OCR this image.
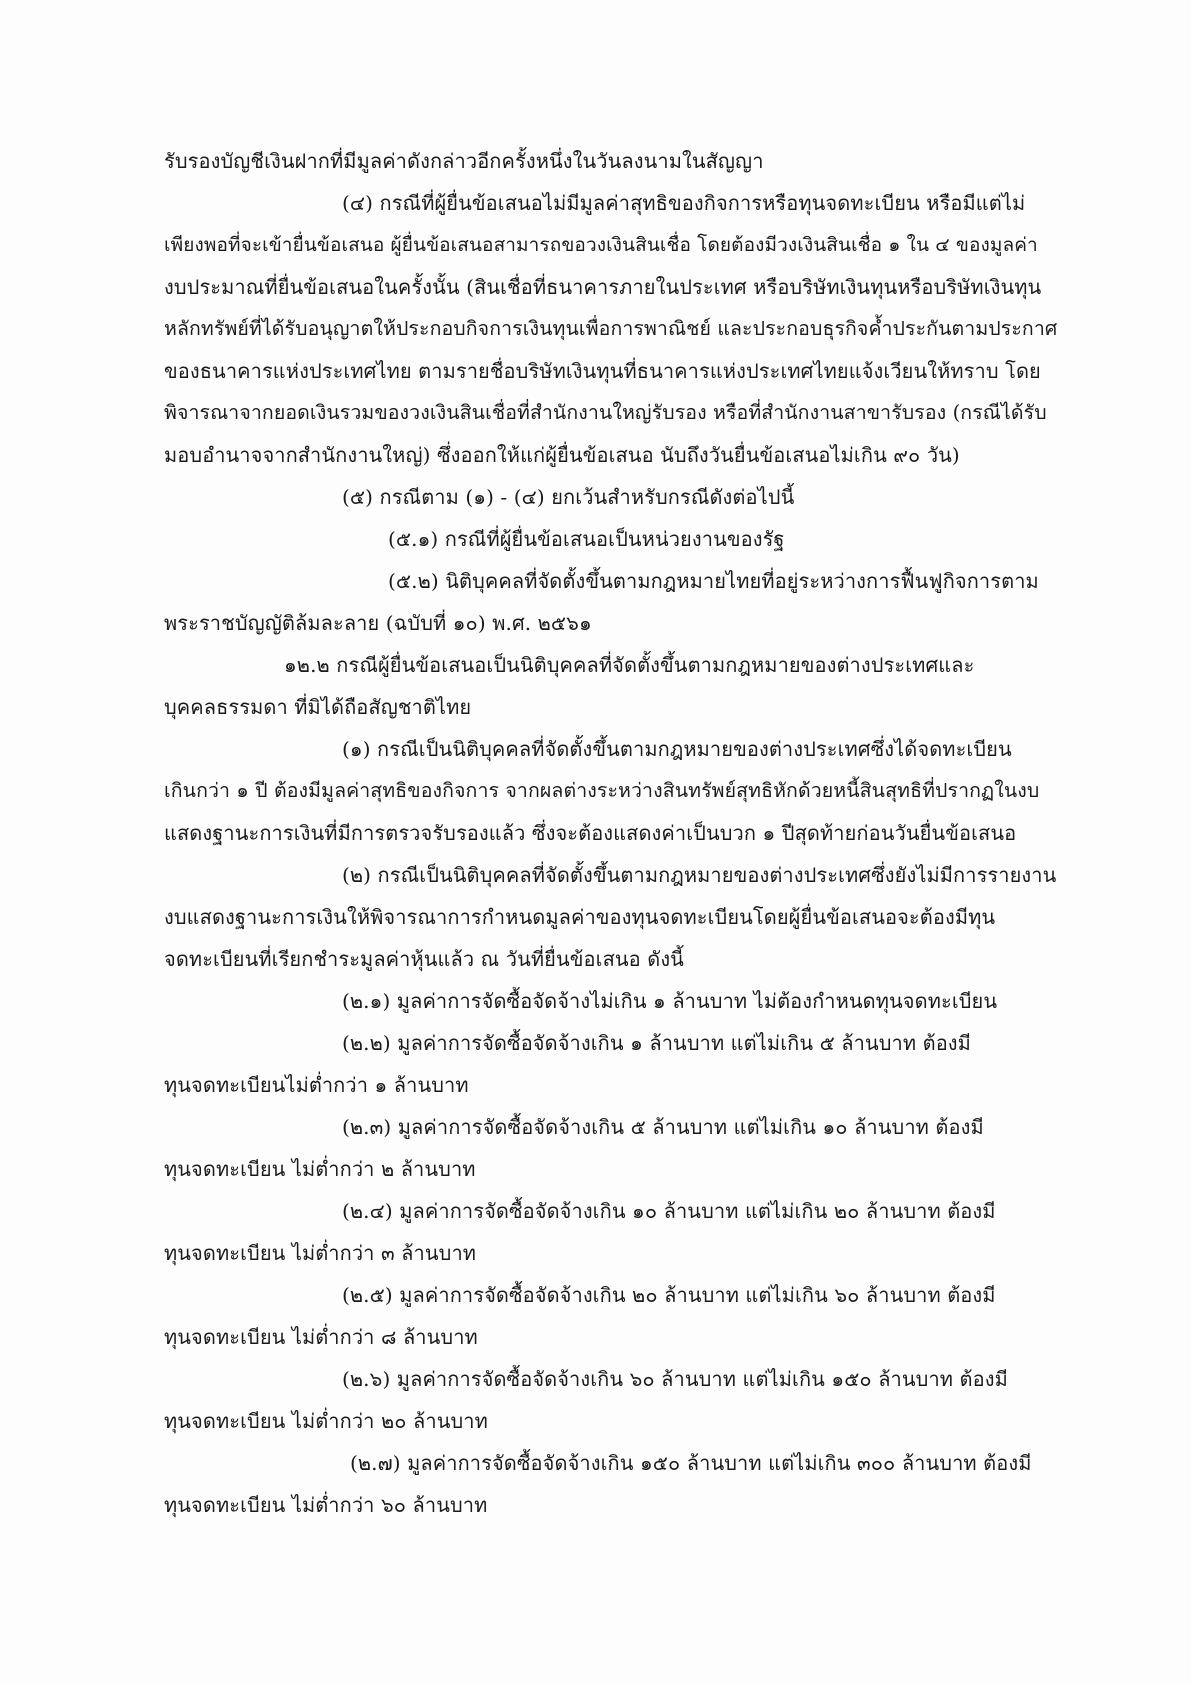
รับรองบัญชีเงินฝากที่มีมูลค่าดังกล่าวอีกครั้งหนึ่งในวันลงนามในสัญญา
(๔) กรณีที่ผู้ยื่นข้อเสนอไม่มีมูลค่าสุทธิของกิจการหรือทุนจดทะเบียน หรือมีแต่ไม่
เพียงพอที่จะเข้ายื่นข้อเสนอ ผู้ยื่นข้อเสนอสามารถขอวงเงินสินเชื่อ โดยต้องมีวงเงินสินเชื่อ ๑ ใน ๔ ของมูลค่า
งบประมาณที่ยื่นข้อเสนอในครั้งนั้น (สินเชื่อที่ธนาคารภายในประเทศ หรือบริษัทเงินทุนหรือบริษัทเงินทุน
หลักทรัพย์ที่ได้รับอนุญาตให้ประกอบกิจการเงินทุนเพื่อการพาณิชย์ และประกอบธุรกิจค้ำประกันตามประกาศ
ของธนาคารแห่งประเทศไทย ตามรายชื่อบริษัทเงินทุนที่ธนาคารแห่งประเทศไทยแจ้งเวียนให้ทราบ โดย
พิจารณาจากยอดเงินรวมของวงเงินสินเชื่อที่สำนักงานใหญ่รับรอง หรือที่สำนักงานสาขารับรอง (กรณีได้รับ
มอบอำนาจจากสำนักงานใหญ่) ซึ่งออกให้แก่ผู้ยื่นข้อเสนอ นับถึงวันยื่นข้อเสนอไม่เกิน ๙๐ วัน)
(๕) กรณีตาม (๑) - (๔) ยกเว้นสำหรับกรณีดังต่อไปนี้
(๕.๑) กรณีที่ผู้ยื่นข้อเสนอเป็นหน่วยงานของรัฐ
(๕.๒) นิติบุคคลที่จัดตั้งขึ้นตามกฎหมายไทยที่อยู่ระหว่างการฟื้นฟูกิจการตาม
พระราชบัญญัติล้มละลาย (ฉบับที่ ๑๐) พ.ศ. ๒๕๖๑
๑๒.๒ กรณีผู้ยื่นข้อเสนอเป็นนิติบุคคลที่จัดตั้งขึ้นตามกฎหมายของต่างประเทศและ
บุคคลธรรมดา ที่มิได้ถือสัญชาติไทย
(๑) กรณีเป็นนิติบุคคลที่จัดตั้งขึ้นตามกฎหมายของต่างประเทศซึ่งได้จดทะเบียน
เกินกว่า ๑ ปี ต้องมีมูลค่าสุทธิของกิจการ จากผลต่างระหว่างสินทรัพย์สุทธิหักด้วยหนี้สินสุทธิที่ปรากฏในงบ
แสดงฐานะการเงินที่มีการตรวจรับรองแล้ว ซึ่งจะต้องแสดงค่าเป็นบวก ๑ ปีสุดท้ายก่อนวันยื่นข้อเสนอ
(๒) กรณีเป็นนิติบุคคลที่จัดตั้งขึ้นตามกฎหมายของต่างประเทศซึ่งยังไม่มีการรายงาน
งบแสดงฐานะการเงินให้พิจารณาการกำหนดมูลค่าของทุนจดทะเบียนโดยผู้ยื่นข้อเสนอจะต้องมีทุน
จดทะเบียนที่เรียกชำระมูลค่าหุ้นแล้ว ณ วันที่ยื่นข้อเสนอ ดังนี้
(๒.๑) มูลค่าการจัดซื้อจัดจ้างไม่เกิน ๑ ล้านบาท ไม่ต้องกำหนดทุนจดทะเบียน
(๒.๒) มูลค่าการจัดซื้อจัดจ้างเกิน ๑ ล้านบาท แต่ไม่เกิน ๕ ล้านบาท ต้องมี
ทุนจดทะเบียนไม่ต่ำกว่า ๑ ล้านบาท
(๒.๓) มูลค่าการจัดซื้อจัดจ้างเกิน ๕ ล้านบาท แต่ไม่เกิน ๑๐ ล้านบาท ต้องมี
ทุนจดทะเบียน ไม่ต่ำกว่า ๒ ล้านบาท
(๒.๔) มูลค่าการจัดซื้อจัดจ้างเกิน ๑๐ ล้านบาท แต่ไม่เกิน ๒๐ ล้านบาท ต้องมี
ทุนจดทะเบียน ไม่ต่ำกว่า ๓ ล้านบาท
(๒.๕) มูลค่าการจัดซื้อจัดจ้างเกิน ๒๐ ล้านบาท แต่ไม่เกิน ๖๐ ล้านบาท ต้องมี
ทุนจดทะเบียน ไม่ต่ำกว่า ๘ ล้านบาท
(๒.๖) มูลค่าการจัดซื้อจัดจ้างเกิน ๖๐ ล้านบาท แต่ไม่เกิน ๑๕๐ ล้านบาท ต้องมี
ทุนจดทะเบียน ไม่ต่ำกว่า ๒๐ ล้านบาท
(๒.๗) มูลค่าการจัดซื้อจัดจ้างเกิน ๑๕๐ ล้านบาท แต่ไม่เกิน ๓๐๐ ล้านบาท ต้องมี
ทุนจดทะเบียน ไม่ต่ำกว่า ๖๐ ล้านบาท
